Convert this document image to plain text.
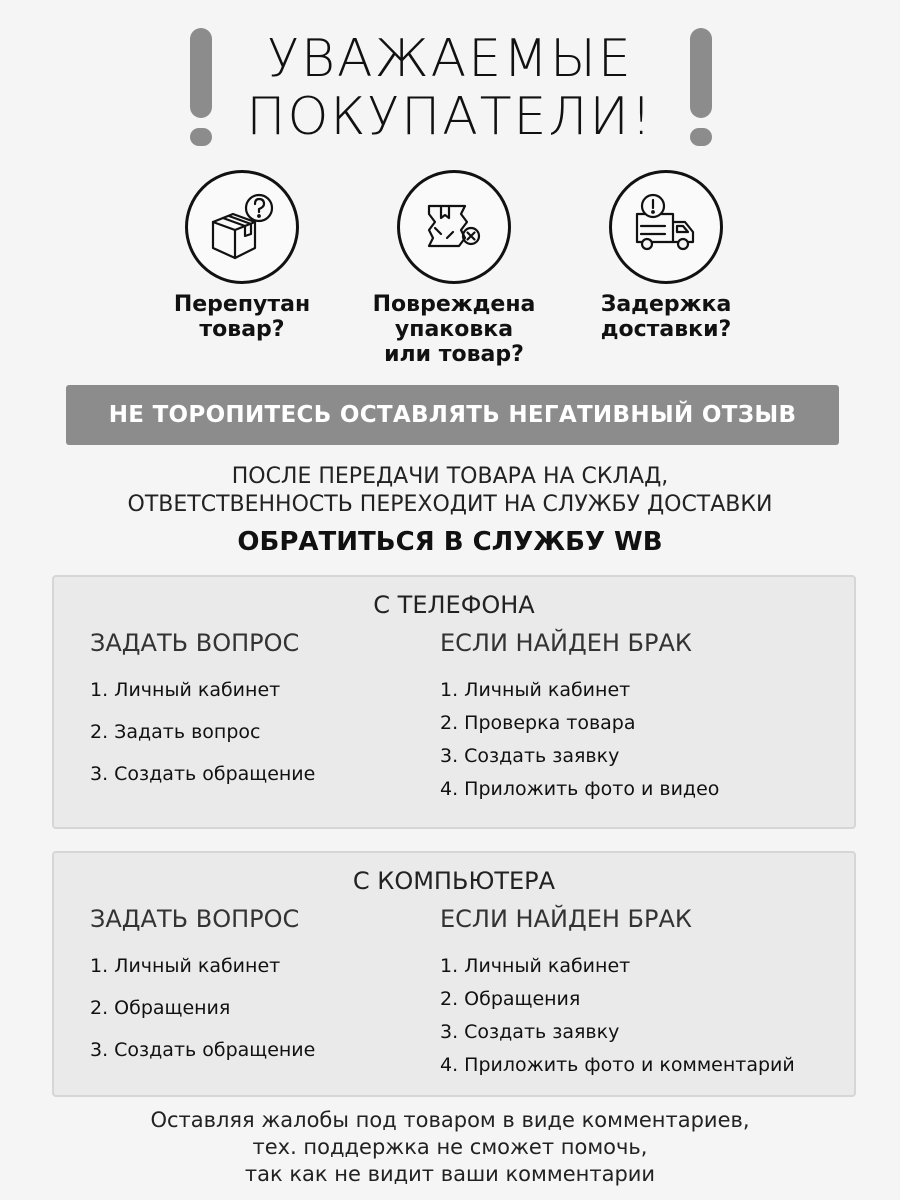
УВАЖАЕМЫЕ
ПОКУПАТЕЛИ!
Перепутан
товар?
Повреждена
упаковка
или товар?
Задержка
доставки?
НЕ ТОРОПИТЕСЬ ОСТАВЛЯТЬ НЕГАТИВНЫЙ ОТЗЫВ
ПОСЛЕ ПЕРЕДАЧИ ТОВАРА НА СКЛАД,
ОТВЕТСТВЕННОСТЬ ПЕРЕХОДИТ НА СЛУЖБУ ДОСТАВКИ
ОБРАТИТЬСЯ В СЛУЖБУ WB
С ТЕЛЕФОНА
ЗАДАТЬ ВОПРОС
1. Личный кабинет
2. Задать вопрос
3. Создать обращение
ЕСЛИ НАЙДЕН БРАК
1. Личный кабинет
2. Проверка товара
3. Создать заявку
4. Приложить фото и видео
С КОМПЬЮТЕРА
ЗАДАТЬ ВОПРОС
1. Личный кабинет
2. Обращения
3. Создать обращение
ЕСЛИ НАЙДЕН БРАК
1. Личный кабинет
2. Обращения
3. Создать заявку
4. Приложить фото и комментарий
Оставляя жалобы под товаром в виде комментариев,
тех. поддержка не сможет помочь,
так как не видит ваши комментарии
